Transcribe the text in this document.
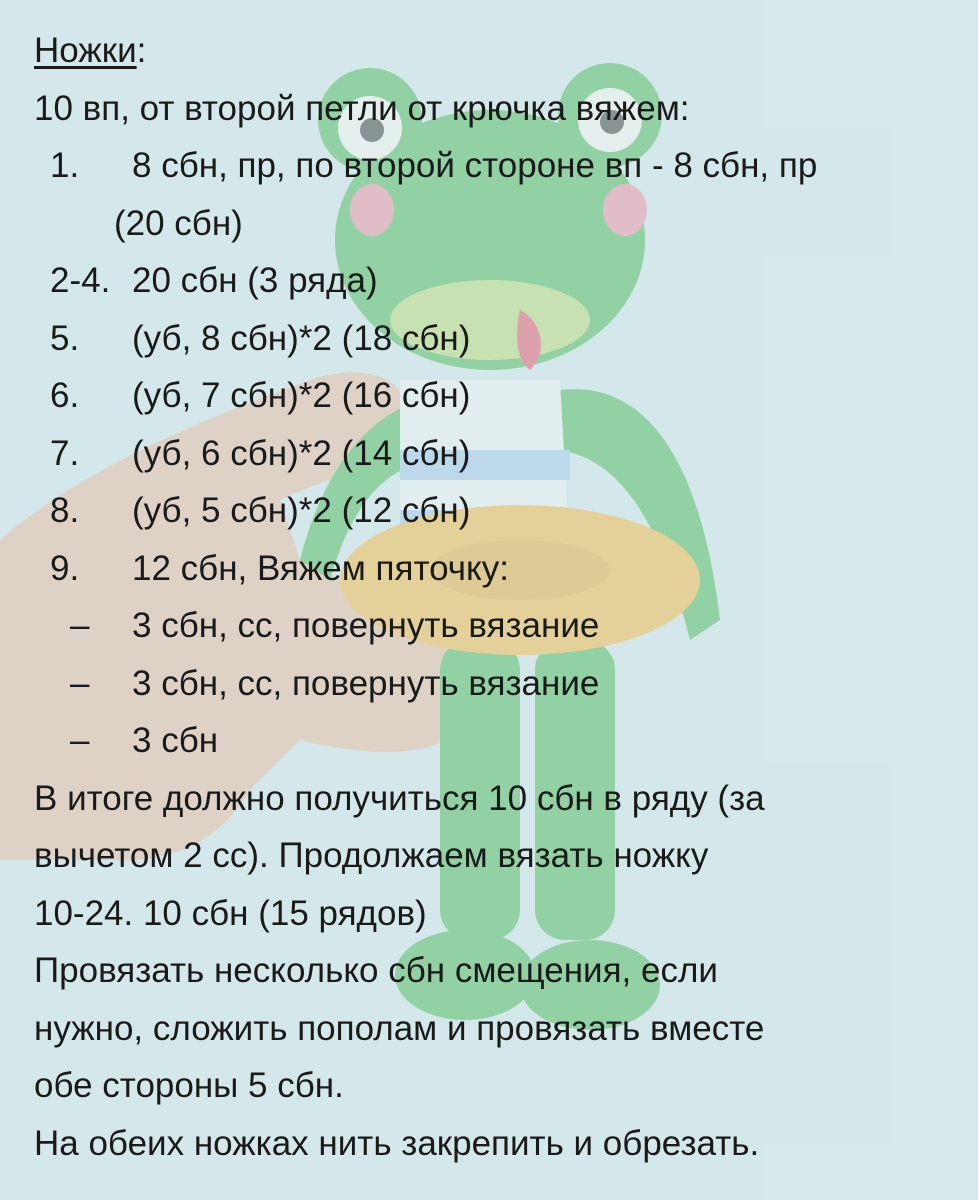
Ножки:
10 вп, от второй петли от крючка вяжем:
1. 8 сбн, пр, по второй стороне вп - 8 сбн, пр
(20 сбн)
2-4. 20 сбн (3 ряда)
5. (уб, 8 сбн)*2 (18 сбн)
6. (уб, 7 сбн)*2 (16 сбн)
7. (уб, 6 сбн)*2 (14 сбн)
8. (уб, 5 сбн)*2 (12 сбн)
9. 12 сбн, Вяжем пяточку:
– 3 сбн, сс, повернуть вязание
– 3 сбн, сс, повернуть вязание
– 3 сбн
В итоге должно получиться 10 сбн в ряду (за
вычетом 2 сс). Продолжаем вязать ножку
10-24. 10 сбн (15 рядов)
Провязать несколько сбн смещения, если
нужно, сложить пополам и провязать вместе
обе стороны 5 сбн.
На обеих ножках нить закрепить и обрезать.
